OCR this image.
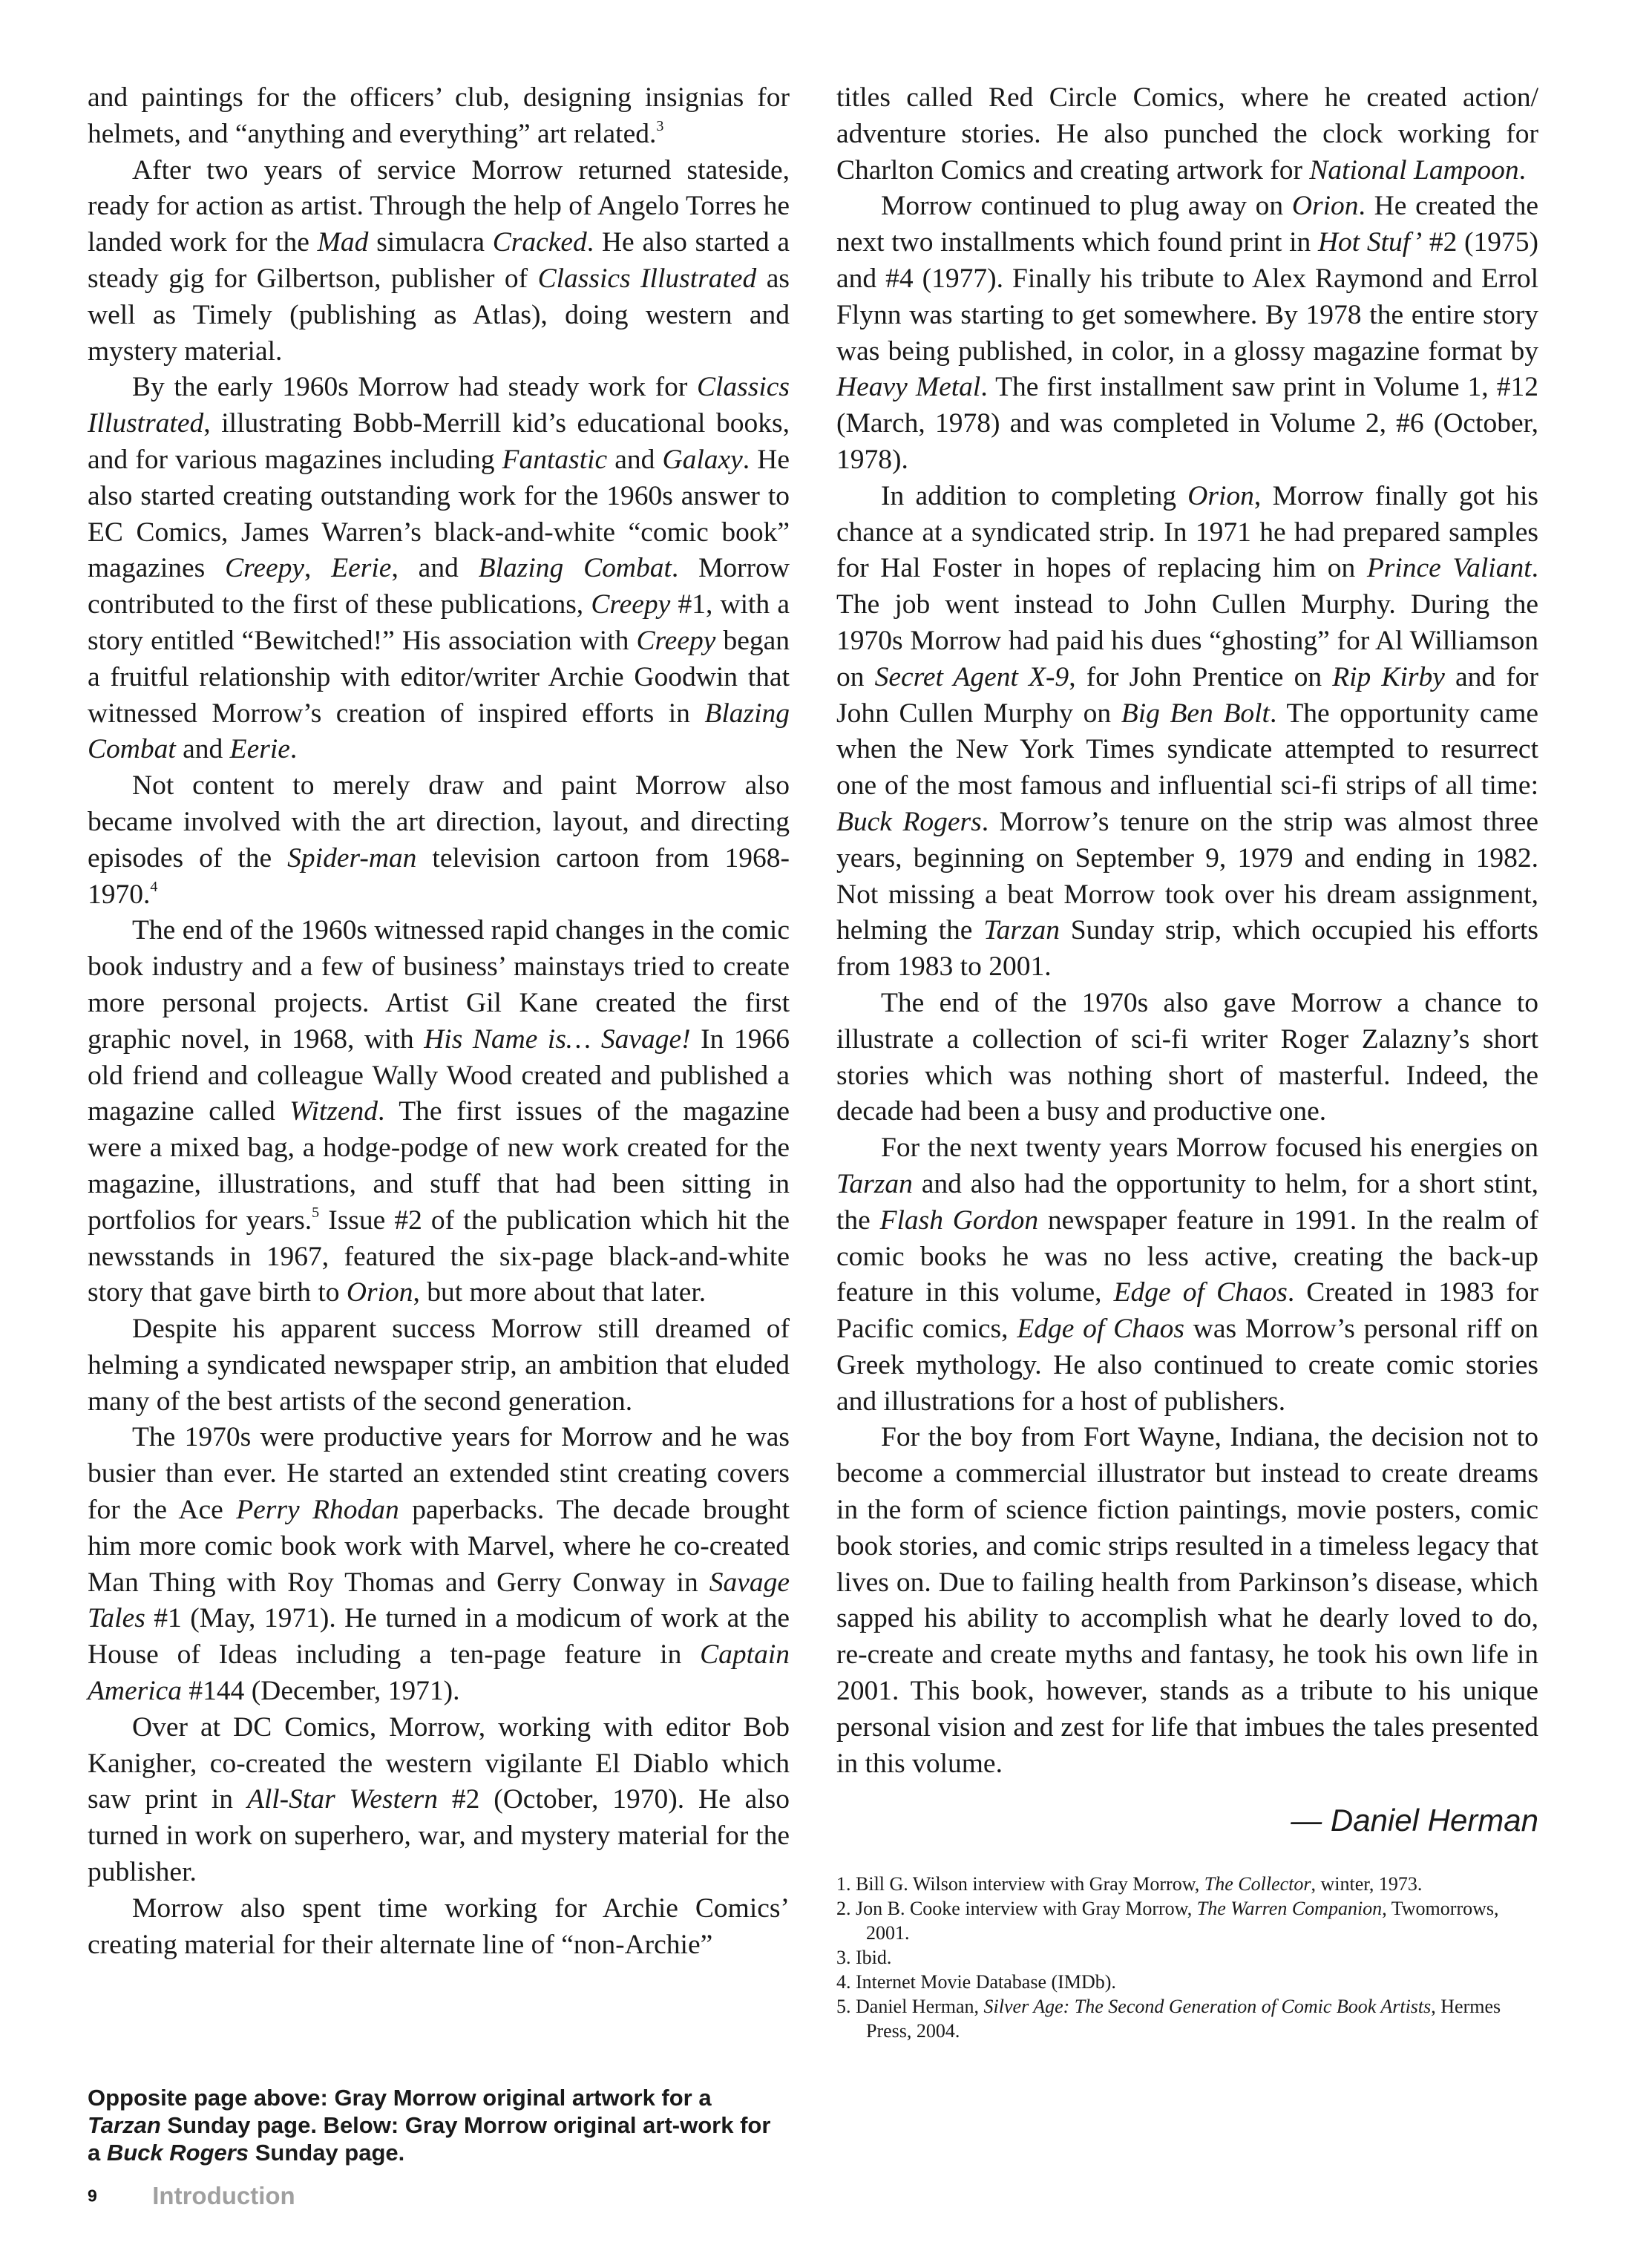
and paintings for the officers’ club, designing insignias for helmets, and “anything and everything” art related.$^3$

After two years of service Morrow returned stateside, ready for action as artist. Through the help of Angelo Torres he landed work for the Mad simulacra Cracked. He also started a steady gig for Gilbertson, publisher of Classics Illustrated as well as Timely (publishing as Atlas), doing western and mystery material.

By the early 1960s Morrow had steady work for Classics Illustrated, illustrating Bobb-Merrill kid’s educational books, and for various magazines including Fantastic and Galaxy. He also started creating outstanding work for the 1960s answer to EC Comics, James Warren’s black-and-white “comic book” magazines Creepy, Eerie, and Blazing Combat. Morrow contributed to the first of these publications, Creepy #1, with a story entitled “Bewitched!” His association with Creepy began a fruitful relationship with editor/writer Archie Goodwin that witnessed Morrow’s creation of inspired efforts in Blazing Combat and Eerie.

Not content to merely draw and paint Morrow also became involved with the art direction, layout, and directing episodes of the Spider-man television cartoon from 1968-1970.$^4$

The end of the 1960s witnessed rapid changes in the comic book industry and a few of business’ mainstays tried to create more personal projects. Artist Gil Kane created the first graphic novel, in 1968, with His Name is… Savage! In 1966 old friend and colleague Wally Wood created and published a magazine called Witzend. The first issues of the magazine were a mixed bag, a hodge-podge of new work created for the magazine, illustrations, and stuff that had been sitting in portfolios for years.$^5$ Issue #2 of the publication which hit the newsstands in 1967, featured the six-page black-and-white story that gave birth to Orion, but more about that later.

Despite his apparent success Morrow still dreamed of helming a syndicated newspaper strip, an ambition that eluded many of the best artists of the second generation.

The 1970s were productive years for Morrow and he was busier than ever. He started an extended stint creating covers for the Ace Perry Rhodan paperbacks. The decade brought him more comic book work with Marvel, where he co-created Man Thing with Roy Thomas and Gerry Conway in Savage Tales #1 (May, 1971). He turned in a modicum of work at the House of Ideas including a ten-page feature in Captain America #144 (December, 1971).

Over at DC Comics, Morrow, working with editor Bob Kanigher, co-created the western vigilante El Diablo which saw print in All-Star Western #2 (October, 1970). He also turned in work on superhero, war, and mystery material for the publisher.

Morrow also spent time working for Archie Comics’ creating material for their alternate line of “non-Archie”

titles called Red Circle Comics, where he created action/ adventure stories. He also punched the clock working for Charlton Comics and creating artwork for National Lampoon.

Morrow continued to plug away on Orion. He created the next two installments which found print in Hot Stuf’ #2 (1975) and #4 (1977). Finally his tribute to Alex Raymond and Errol Flynn was starting to get somewhere. By 1978 the entire story was being published, in color, in a glossy magazine format by Heavy Metal. The first installment saw print in Volume 1, #12 (March, 1978) and was completed in Volume 2, #6 (October, 1978).

In addition to completing Orion, Morrow finally got his chance at a syndicated strip. In 1971 he had prepared samples for Hal Foster in hopes of replacing him on Prince Valiant. The job went instead to John Cullen Murphy. During the 1970s Morrow had paid his dues “ghosting” for Al Williamson on Secret Agent X-9, for John Prentice on Rip Kirby and for John Cullen Murphy on Big Ben Bolt. The opportunity came when the New York Times syndicate attempted to resurrect one of the most famous and influential sci-fi strips of all time: Buck Rogers. Morrow’s tenure on the strip was almost three years, beginning on September 9, 1979 and ending in 1982. Not missing a beat Morrow took over his dream assignment, helming the Tarzan Sunday strip, which occupied his efforts from 1983 to 2001.

The end of the 1970s also gave Morrow a chance to illustrate a collection of sci-fi writer Roger Zalazny’s short stories which was nothing short of masterful. Indeed, the decade had been a busy and productive one.

For the next twenty years Morrow focused his energies on Tarzan and also had the opportunity to helm, for a short stint, the Flash Gordon newspaper feature in 1991. In the realm of comic books he was no less active, creating the back-up feature in this volume, Edge of Chaos. Created in 1983 for Pacific comics, Edge of Chaos was Morrow’s personal riff on Greek mythology. He also continued to create comic stories and illustrations for a host of publishers.

For the boy from Fort Wayne, Indiana, the decision not to become a commercial illustrator but instead to create dreams in the form of science fiction paintings, movie posters, comic book stories, and comic strips resulted in a timeless legacy that lives on. Due to failing health from Parkinson’s disease, which sapped his ability to accomplish what he dearly loved to do, re-create and create myths and fantasy, he took his own life in 2001. This book, however, stands as a tribute to his unique personal vision and zest for life that imbues the tales presented in this volume.

— Daniel Herman

1. Bill G. Wilson interview with Gray Morrow, The Collector, winter, 1973.
2. Jon B. Cooke interview with Gray Morrow, The Warren Companion, Twomorrows, 2001.
3. Ibid.
4. Internet Movie Database (IMDb).
5. Daniel Herman, Silver Age: The Second Generation of Comic Book Artists, Hermes Press, 2004.
Opposite page above: Gray Morrow original artwork for a Tarzan Sunday page. Below: Gray Morrow original art-work for a Buck Rogers Sunday page.
9 Introduction
